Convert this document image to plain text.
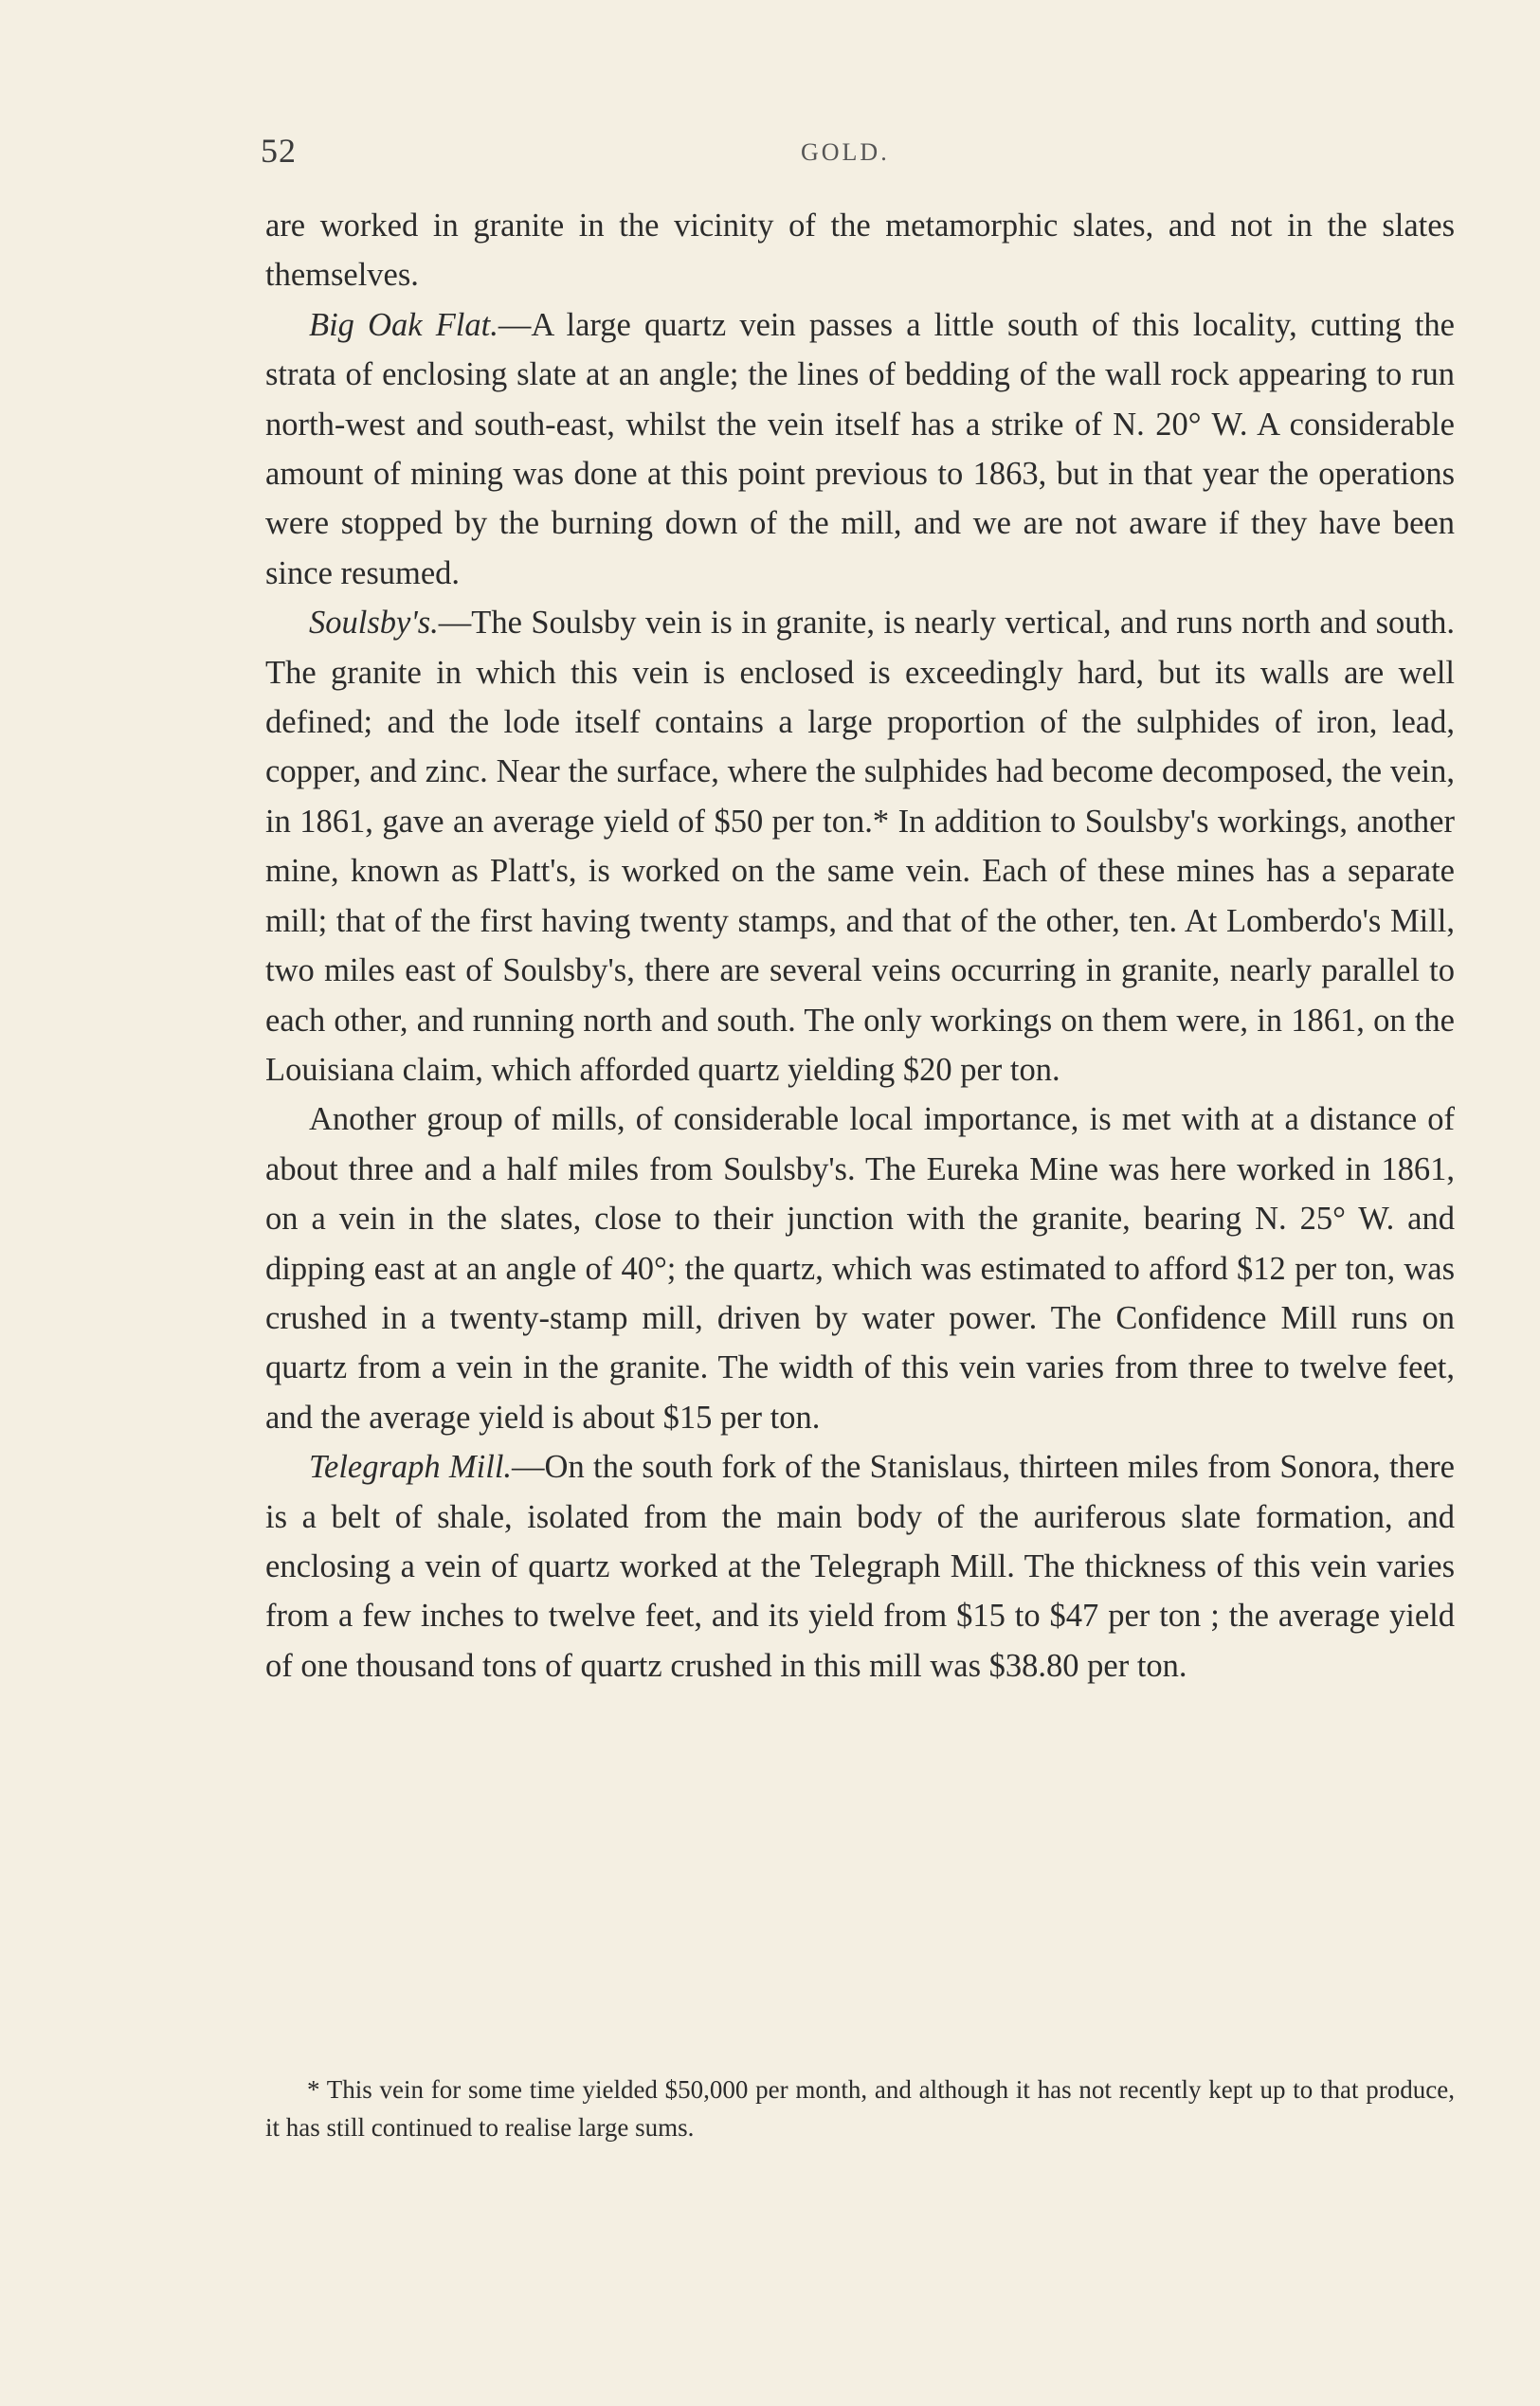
52	GOLD.

are worked in granite in the vicinity of the metamorphic slates, and not in the slates themselves.

Big Oak Flat.—A large quartz vein passes a little south of this locality, cutting the strata of enclosing slate at an angle; the lines of bedding of the wall rock appearing to run north-west and south-east, whilst the vein itself has a strike of N. 20° W. A considerable amount of mining was done at this point previous to 1863, but in that year the operations were stopped by the burning down of the mill, and we are not aware if they have been since resumed.

Soulsby's.—The Soulsby vein is in granite, is nearly vertical, and runs north and south. The granite in which this vein is enclosed is exceedingly hard, but its walls are well defined; and the lode itself contains a large proportion of the sulphides of iron, lead, copper, and zinc. Near the surface, where the sulphides had become decomposed, the vein, in 1861, gave an average yield of $50 per ton.* In addition to Soulsby's workings, another mine, known as Platt's, is worked on the same vein. Each of these mines has a separate mill; that of the first having twenty stamps, and that of the other, ten. At Lomberdo's Mill, two miles east of Soulsby's, there are several veins occurring in granite, nearly parallel to each other, and running north and south. The only workings on them were, in 1861, on the Louisiana claim, which afforded quartz yielding $20 per ton.

Another group of mills, of considerable local importance, is met with at a distance of about three and a half miles from Soulsby's. The Eureka Mine was here worked in 1861, on a vein in the slates, close to their junction with the granite, bearing N. 25° W. and dipping east at an angle of 40°; the quartz, which was estimated to afford $12 per ton, was crushed in a twenty-stamp mill, driven by water power. The Confidence Mill runs on quartz from a vein in the granite. The width of this vein varies from three to twelve feet, and the average yield is about $15 per ton.

Telegraph Mill.—On the south fork of the Stanislaus, thirteen miles from Sonora, there is a belt of shale, isolated from the main body of the auriferous slate formation, and enclosing a vein of quartz worked at the Telegraph Mill. The thickness of this vein varies from a few inches to twelve feet, and its yield from $15 to $47 per ton ; the average yield of one thousand tons of quartz crushed in this mill was $38.80 per ton.

* This vein for some time yielded $50,000 per month, and although it has not recently kept up to that produce, it has still continued to realise large sums.
